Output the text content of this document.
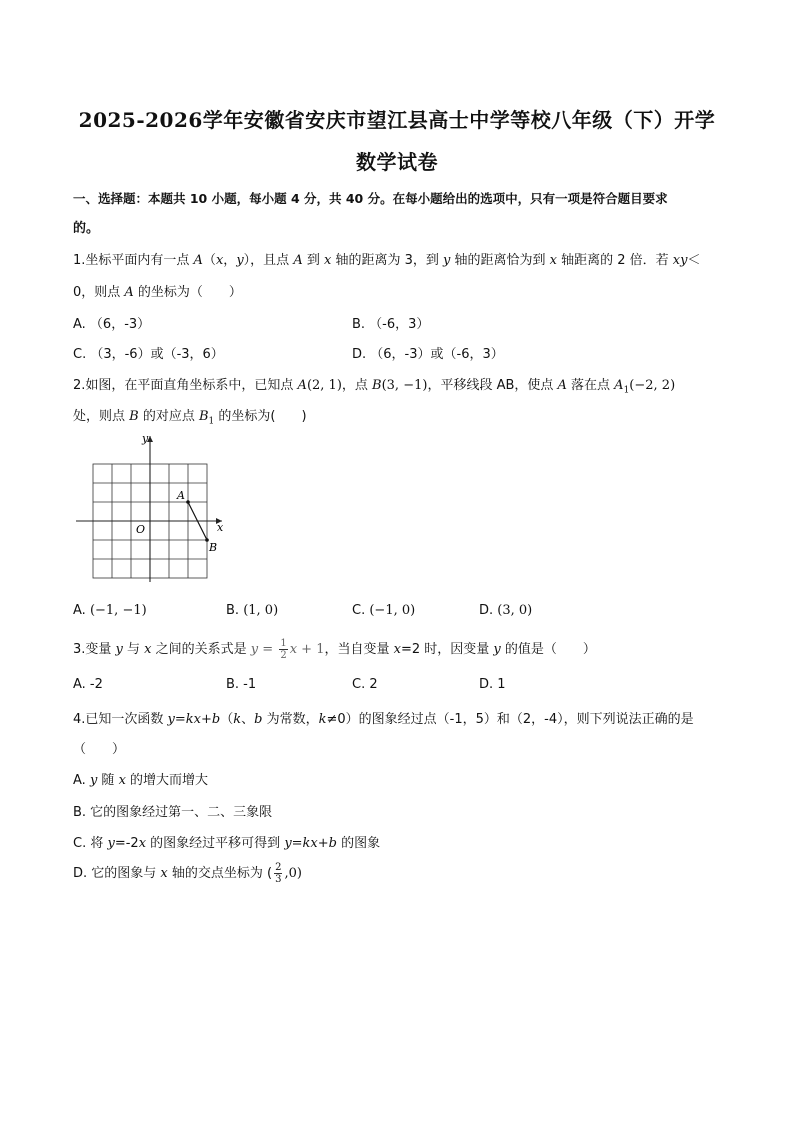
2025-2026学年安徽省安庆市望江县高士中学等校八年级（下）开学
数学试卷
一、选择题：本题共 10 小题，每小题 4 分，共 40 分。在每小题给出的选项中，只有一项是符合题目要求
的。
1.坐标平面内有一点 A（x，y），且点 A 到 x 轴的距离为 3，到 y 轴的距离恰为到 x 轴距离的 2 倍．若 xy＜
0，则点 A 的坐标为（　　）
A. （6，-3）	B. （-6，3）
C. （3，-6）或（-3，6）	D. （6，-3）或（-6，3）
2.如图，在平面直角坐标系中，已知点 A(2, 1)，点 B(3, −1)，平移线段 AB，使点 A 落在点 $A_1(-2$, 2)
处，则点 B 的对应点 $B_1$ 的坐标为(　　)
y
x
O
A
B
A. (−1, −1)	B. (1, 0)	C. (−1, 0)	D. (3, 0)
3.变量 y 与 x 之间的关系式是 $y = \frac{1}{2}$ x + 1，当自变量 x=2 时，因变量 y 的值是（　　）
A. -2	B. -1	C. 2	D. 1
4.已知一次函数 y=kx+b（k、b 为常数，k≠0）的图象经过点（-1，5）和（2，-4），则下列说法正确的是
（　　）
A. y 随 x 的增大而增大
B. 它的图象经过第一、二、三象限
C. 将 y=-2x 的图象经过平移可得到 y=kx+b 的图象
D. 它的图象与 x 轴的交点坐标为 ( $\frac{2}{3} ,0$)
